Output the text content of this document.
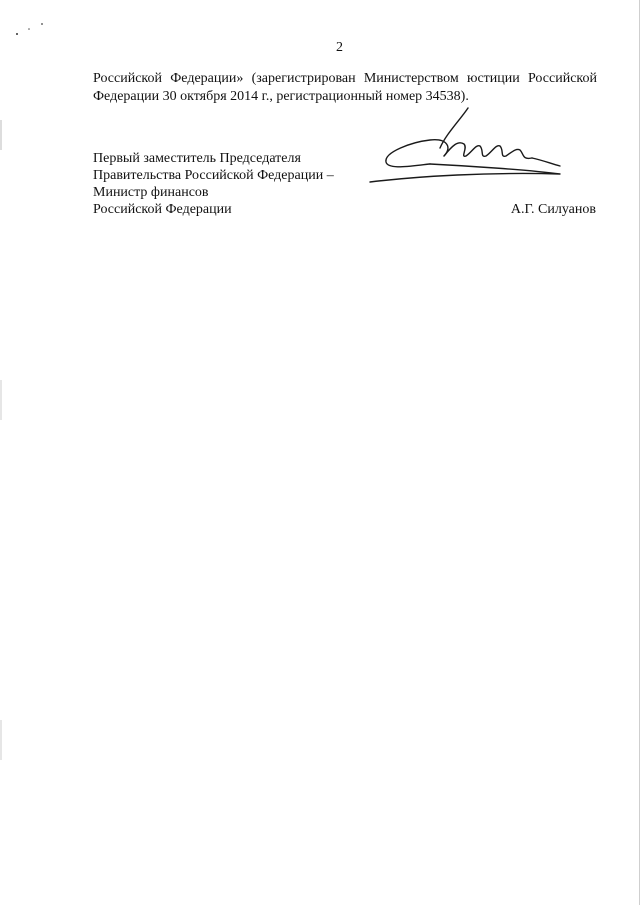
2
Российской Федерации» (зарегистрирован Министерством юстиции Российской
Федерации 30 октября 2014 г., регистрационный номер 34538).
Первый заместитель Председателя
Правительства Российской Федерации –
Министр финансов
Российской Федерации	А.Г. Силуанов
